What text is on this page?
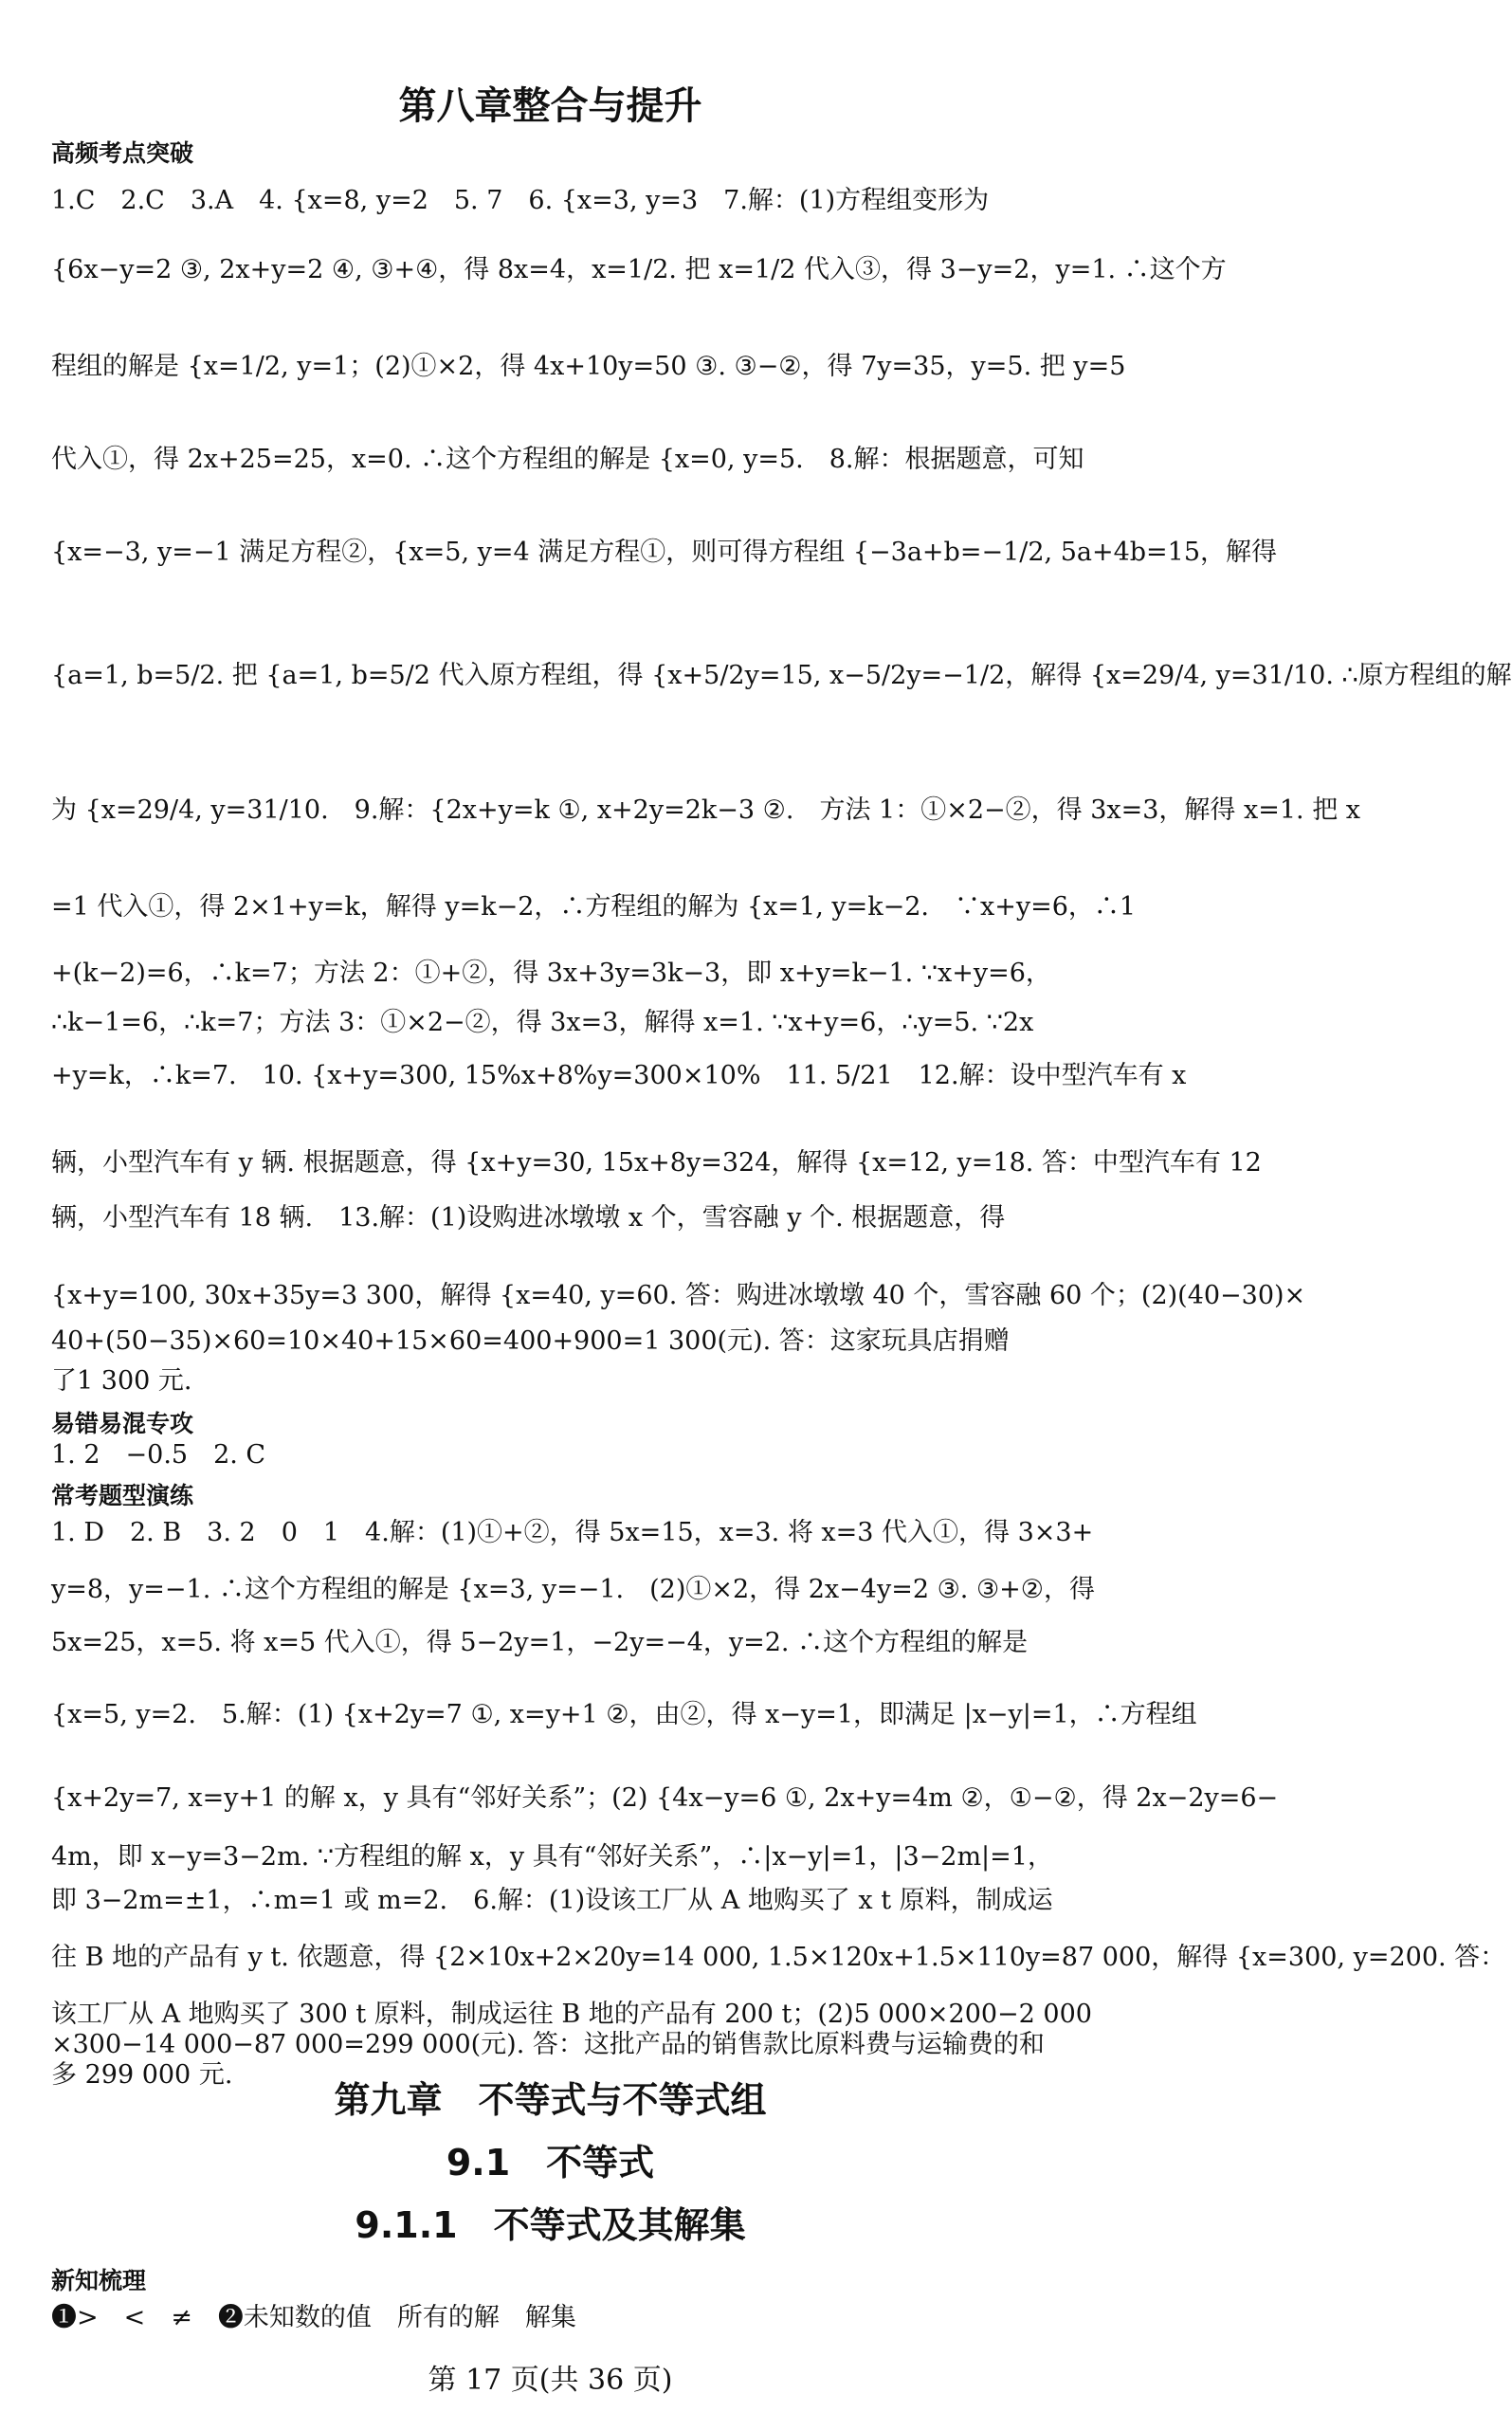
第八章整合与提升
高频考点突破
1.C　2.C　3.A　4. {x=8, y=2　5. 7　6. {x=3, y=3　7.解：(1)方程组变形为
{6x−y=2 ③, 2x+y=2 ④, ③+④，得 8x=4，x=1/2. 把 x=1/2 代入③，得 3−y=2，y=1. ∴这个方
程组的解是 {x=1/2, y=1；(2)①×2，得 4x+10y=50 ③. ③−②，得 7y=35，y=5. 把 y=5
代入①，得 2x+25=25，x=0. ∴这个方程组的解是 {x=0, y=5.　8.解：根据题意，可知
{x=−3, y=−1 满足方程②，{x=5, y=4 满足方程①，则可得方程组 {−3a+b=−1/2, 5a+4b=15，解得
{a=1, b=5/2. 把 {a=1, b=5/2 代入原方程组，得 {x+5/2y=15, x−5/2y=−1/2，解得 {x=29/4, y=31/10. ∴原方程组的解
为 {x=29/4, y=31/10.　9.解：{2x+y=k ①, x+2y=2k−3 ②.　方法 1：①×2−②，得 3x=3，解得 x=1. 把 x
=1 代入①，得 2×1+y=k，解得 y=k−2，∴方程组的解为 {x=1, y=k−2.　∵x+y=6，∴1
+(k−2)=6，∴k=7；方法 2：①+②，得 3x+3y=3k−3，即 x+y=k−1. ∵x+y=6，
∴k−1=6，∴k=7；方法 3：①×2−②，得 3x=3，解得 x=1. ∵x+y=6，∴y=5. ∵2x
+y=k，∴k=7.　10. {x+y=300, 15%x+8%y=300×10%　11. 5/21　12.解：设中型汽车有 x
辆，小型汽车有 y 辆. 根据题意，得 {x+y=30, 15x+8y=324，解得 {x=12, y=18. 答：中型汽车有 12
辆，小型汽车有 18 辆.　13.解：(1)设购进冰墩墩 x 个，雪容融 y 个. 根据题意，得
{x+y=100, 30x+35y=3 300，解得 {x=40, y=60. 答：购进冰墩墩 40 个，雪容融 60 个；(2)(40−30)×
40+(50−35)×60=10×40+15×60=400+900=1 300(元). 答：这家玩具店捐赠
了1 300 元.
易错易混专攻
1. 2　−0.5　2. C
常考题型演练
1. D　2. B　3. 2　0　1　4.解：(1)①+②，得 5x=15，x=3. 将 x=3 代入①，得 3×3+
y=8，y=−1. ∴这个方程组的解是 {x=3, y=−1.　(2)①×2，得 2x−4y=2 ③. ③+②，得
5x=25，x=5. 将 x=5 代入①，得 5−2y=1，−2y=−4，y=2. ∴这个方程组的解是
{x=5, y=2.　5.解：(1) {x+2y=7 ①, x=y+1 ②，由②，得 x−y=1，即满足 |x−y|=1，∴方程组
{x+2y=7, x=y+1 的解 x，y 具有“邻好关系”；(2) {4x−y=6 ①, 2x+y=4m ②，①−②，得 2x−2y=6−
4m，即 x−y=3−2m. ∵方程组的解 x，y 具有“邻好关系”，∴|x−y|=1，|3−2m|=1，
即 3−2m=±1，∴m=1 或 m=2.　6.解：(1)设该工厂从 A 地购买了 x t 原料，制成运
往 B 地的产品有 y t. 依题意，得 {2×10x+2×20y=14 000, 1.5×120x+1.5×110y=87 000，解得 {x=300, y=200. 答：
该工厂从 A 地购买了 300 t 原料，制成运往 B 地的产品有 200 t；(2)5 000×200−2 000
×300−14 000−87 000=299 000(元). 答：这批产品的销售款比原料费与运输费的和
多 299 000 元.
第九章　不等式与不等式组
9.1　不等式
9.1.1　不等式及其解集
新知梳理
❶>　<　≠　❷未知数的值　所有的解　解集
第 17 页(共 36 页)
